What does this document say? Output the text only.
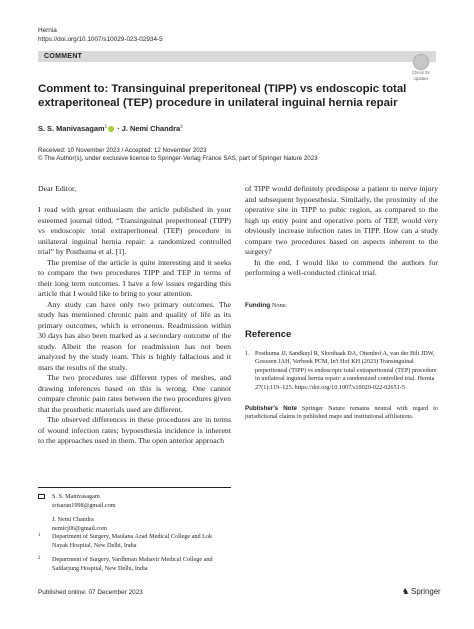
Hernia
https://doi.org/10.1007/s10029-023-02934-5
COMMENT
Check for
updates
Comment to: Transinguinal preperitoneal (TIPP) vs endoscopic total extraperitoneal (TEP) procedure in unilateral inguinal hernia repair
S. S. Manivasagam$^1$ · J. Nemi Chandra$^2$
Received: 10 November 2023 / Accepted: 12 November 2023
© The Author(s), under exclusive licence to Springer-Verlag France SAS, part of Springer Nature 2023

Dear Editor,

I read with great enthusiasm the article published in your esteemed journal titled, “Transinguinal preperitoneal (TIPP) vs endoscopic total extraperitoneal (TEP) procedure in unilateral inguinal hernia repair: a randomized controlled trial” by Posthuma et al. [1].

The premise of the article is quite interesting and it seeks to compare the two procedures TIPP and TEP in terms of their long term outcomes. I have a few issues regarding this article that I would like to bring to your attention.

Any study can have only two primary outcomes. The study has mentioned chronic pain and quality of life as its primary outcomes, which is erroneous. Readmission within 30 days has also been marked as a secondary outcome of the study. Albeit the reason for readmission has not been analyzed by the study team. This is highly fallacious and it mars the results of the study.

The two procedures use different types of meshes, and drawing inferences based on this is wrong. One cannot compare chronic pain rates between the two procedures given that the prosthetic materials used are different.

The observed differences in these procedures are in terms of wound infection rates; hypoesthesia incidence is inherent to the approaches used in them. The open anterior approach

of TIPP would definitely predispose a patient to nerve injury and subsequent hypoesthesia. Similarly, the proximity of the operative site in TIPP to pubic region, as compared to the high up entry point and operative ports of TEP, would very obviously increase infection rates in TIPP. How can a study compare two procedures based on aspects inherent to the surgery?

In the end, I would like to commend the authors for performing a well-conducted clinical trial.

Funding None.
Reference
1. Posthuma JJ, Sandkuyl R, Sloothaak DA, Ottenhof A, van der Bilt JDW, Gooszen JAH, Verbeek PCM, In't Hof KH (2023) Transinguinal preperitoneal (TIPP) vs endoscopic total extraperitoneal (TEP) procedure in unilateral inguinal hernia repair: a randomized controlled trial. Hernia 27(1):119–125. https://doi.org/10.1007/s10029-022-02651-5
Publisher's Note Springer Nature remains neutral with regard to jurisdictional claims in published maps and institutional affiliations.
S. S. Manivasagam
srisaran1998@gmail.com
J. Nemi Chandra
nemicj06@gmail.com
1 Department of Surgery, Maulana Azad Medical College and Lok Nayak Hospital, New Delhi, India
2 Department of Surgery, Vardhman Mahavir Medical College and Safdarjung Hospital, New Delhi, India
Published online: 07 December 2023	♞ Springer
